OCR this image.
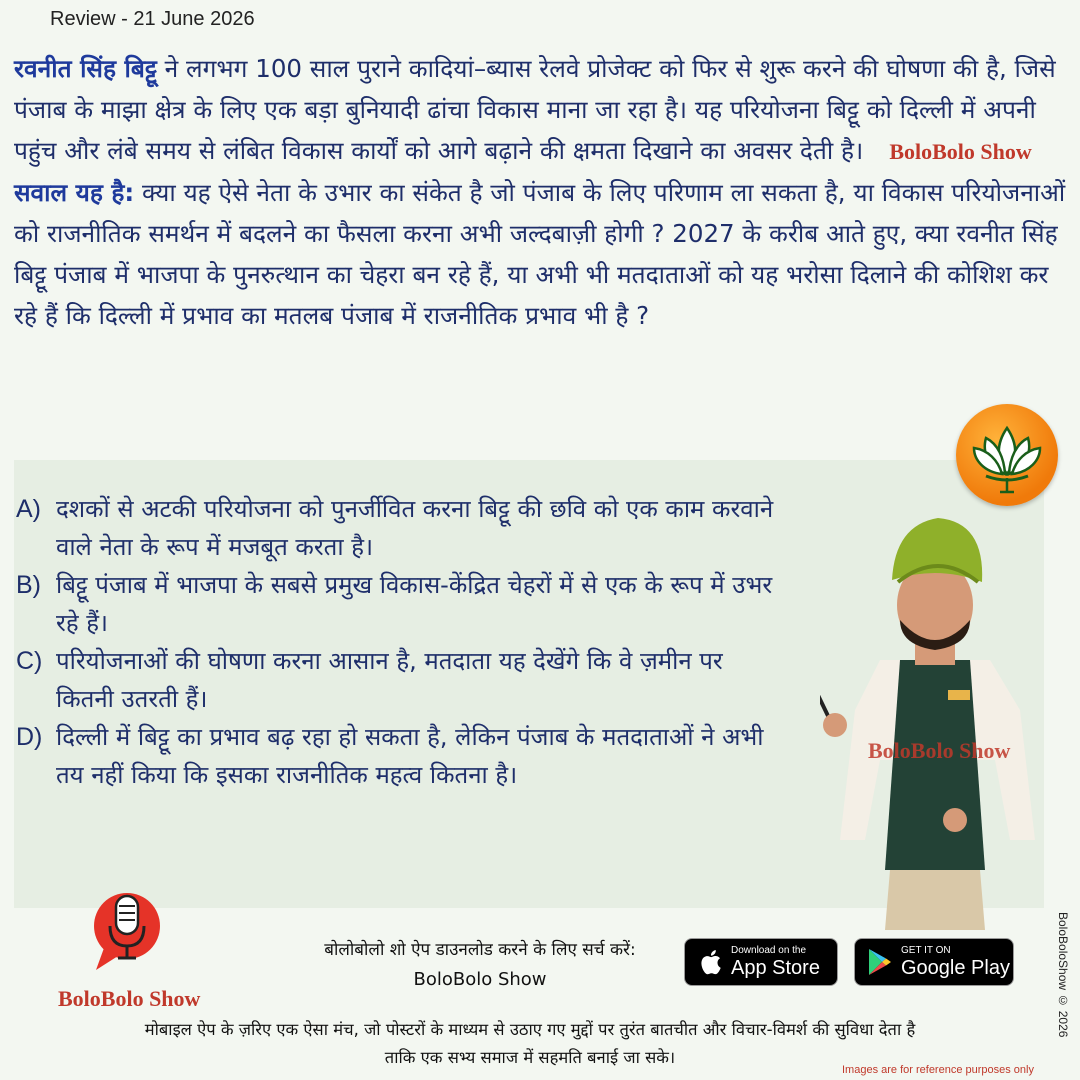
Review - 21 June 2026
रवनीत सिंह बिट्टू ने लगभग 100 साल पुराने कादियां–ब्यास रेलवे प्रोजेक्ट को फिर से शुरू करने की घोषणा की है, जिसे पंजाब के माझा क्षेत्र के लिए एक बड़ा बुनियादी ढांचा विकास माना जा रहा है। यह परियोजना बिट्टू को दिल्ली में अपनी पहुंच और लंबे समय से लंबित विकास कार्यों को आगे बढ़ाने की क्षमता दिखाने का अवसर देती है। BoloBolo Show
सवाल यह है: क्या यह ऐसे नेता के उभार का संकेत है जो पंजाब के लिए परिणाम ला सकता है, या विकास परियोजनाओं को राजनीतिक समर्थन में बदलने का फैसला करना अभी जल्दबाज़ी होगी ? 2027 के करीब आते हुए, क्या रवनीत सिंह बिट्टू पंजाब में भाजपा के पुनरुत्थान का चेहरा बन रहे हैं, या अभी भी मतदाताओं को यह भरोसा दिलाने की कोशिश कर रहे हैं कि दिल्ली में प्रभाव का मतलब पंजाब में राजनीतिक प्रभाव भी है ?
A) दशकों से अटकी परियोजना को पुनर्जीवित करना बिट्टू की छवि को एक काम करवाने वाले नेता के रूप में मजबूत करता है।
B) बिट्टू पंजाब में भाजपा के सबसे प्रमुख विकास-केंद्रित चेहरों में से एक के रूप में उभर रहे हैं।
C) परियोजनाओं की घोषणा करना आसान है, मतदाता यह देखेंगे कि वे ज़मीन पर कितनी उतरती हैं।
D) दिल्ली में बिट्टू का प्रभाव बढ़ रहा हो सकता है, लेकिन पंजाब के मतदाताओं ने अभी तय नहीं किया कि इसका राजनीतिक महत्व कितना है।
BoloBolo Show
BoloBolo Show
बोलोबोलो शो ऐप डाउनलोड करने के लिए सर्च करें:
BoloBolo Show
Download on the
App Store
GET IT ON
Google Play
मोबाइल ऐप के ज़रिए एक ऐसा मंच, जो पोस्टरों के माध्यम से उठाए गए मुद्दों पर तुरंत बातचीत और विचार-विमर्श की सुविधा देता है
ताकि एक सभ्य समाज में सहमति बनाई जा सके।
Images are for reference purposes only
BoloBoloShow © 2026
